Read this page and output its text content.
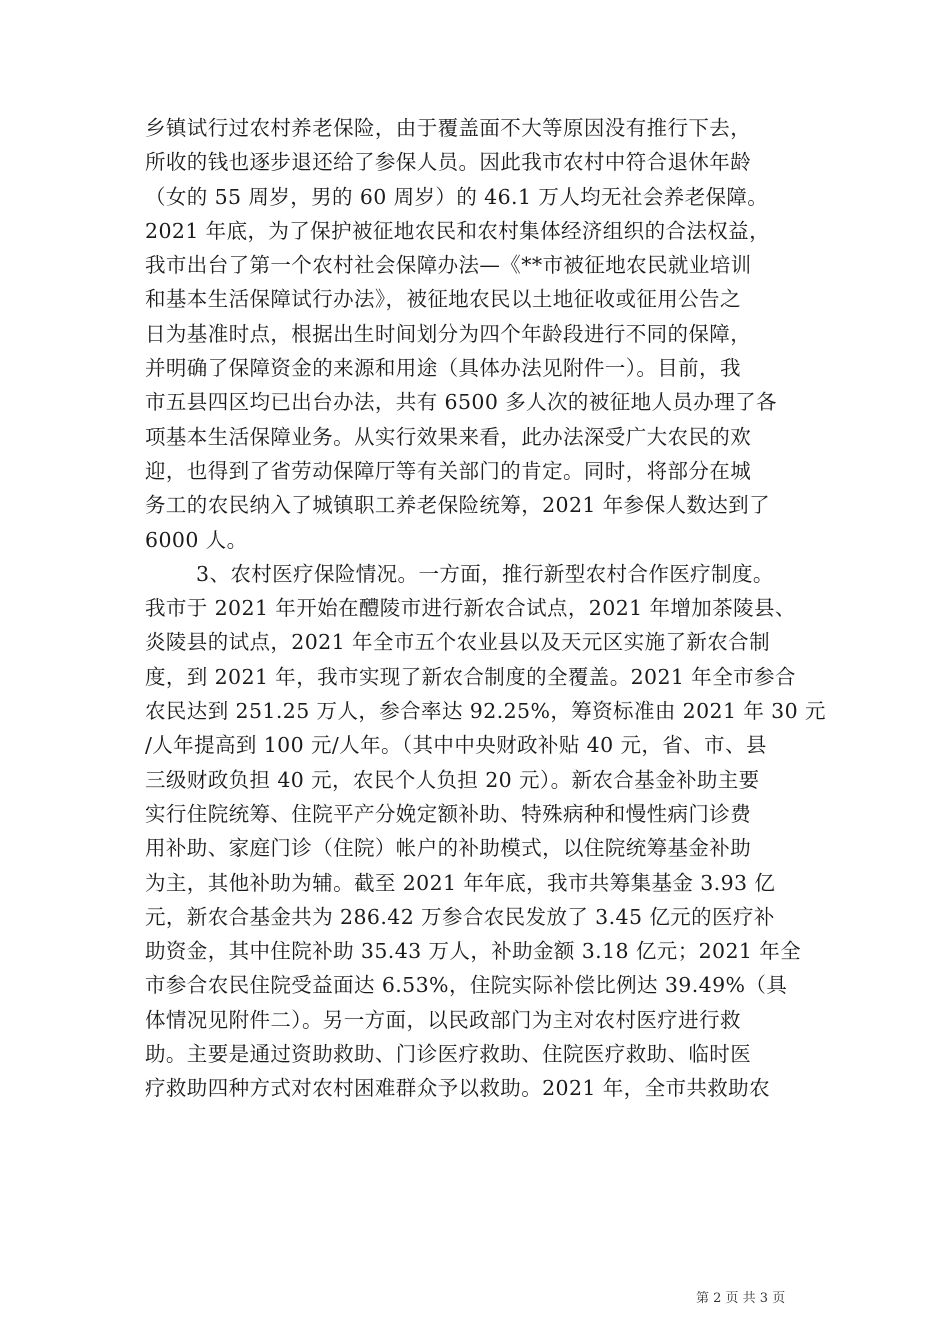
乡镇试行过农村养老保险，由于覆盖面不大等原因没有推行下去，
所收的钱也逐步退还给了参保人员。因此我市农村中符合退休年龄
（女的 55 周岁，男的 60 周岁）的 46.1 万人均无社会养老保障。
2021 年底，为了保护被征地农民和农村集体经济组织的合法权益，
我市出台了第一个农村社会保障办法—《**市被征地农民就业培训
和基本生活保障试行办法》，被征地农民以土地征收或征用公告之
日为基准时点，根据出生时间划分为四个年龄段进行不同的保障，
并明确了保障资金的来源和用途（具体办法见附件一）。目前，我
市五县四区均已出台办法，共有 6500 多人次的被征地人员办理了各
项基本生活保障业务。从实行效果来看，此办法深受广大农民的欢
迎，也得到了省劳动保障厅等有关部门的肯定。同时，将部分在城
务工的农民纳入了城镇职工养老保险统筹，2021 年参保人数达到了
6000 人。
3、农村医疗保险情况。一方面，推行新型农村合作医疗制度。
我市于 2021 年开始在醴陵市进行新农合试点，2021 年增加茶陵县、
炎陵县的试点，2021 年全市五个农业县以及天元区实施了新农合制
度，到 2021 年，我市实现了新农合制度的全覆盖。2021 年全市参合
农民达到 251.25 万人，参合率达 92.25%，筹资标准由 2021 年 30 元
/人年提高到 100 元/人年。（其中中央财政补贴 40 元，省、市、县
三级财政负担 40 元，农民个人负担 20 元）。新农合基金补助主要
实行住院统筹、住院平产分娩定额补助、特殊病种和慢性病门诊费
用补助、家庭门诊（住院）帐户的补助模式，以住院统筹基金补助
为主，其他补助为辅。截至 2021 年年底，我市共筹集基金 3.93 亿
元，新农合基金共为 286.42 万参合农民发放了 3.45 亿元的医疗补
助资金，其中住院补助 35.43 万人，补助金额 3.18 亿元；2021 年全
市参合农民住院受益面达 6.53%，住院实际补偿比例达 39.49%（具
体情况见附件二）。另一方面，以民政部门为主对农村医疗进行救
助。主要是通过资助救助、门诊医疗救助、住院医疗救助、临时医
疗救助四种方式对农村困难群众予以救助。2021 年，全市共救助农
第 2 页 共 3 页
